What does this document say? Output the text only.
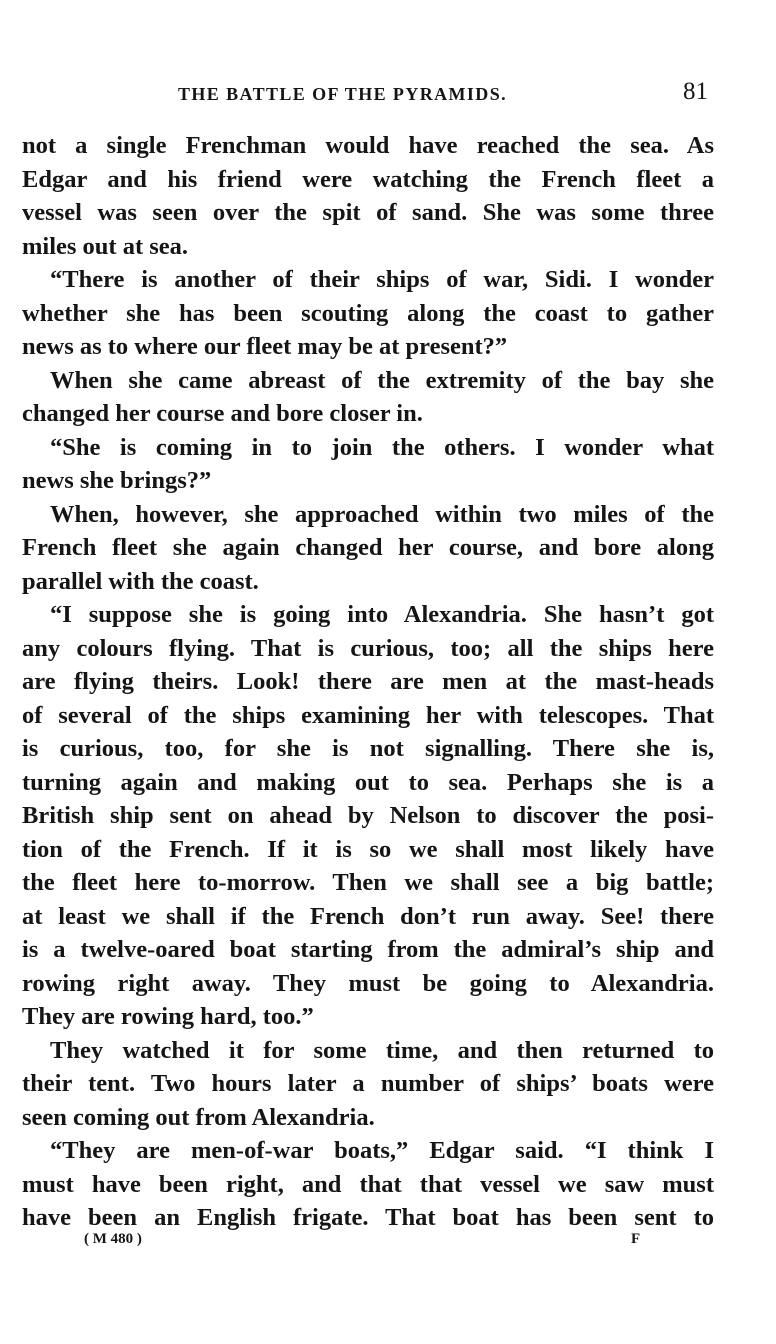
THE BATTLE OF THE PYRAMIDS.	81
not a single Frenchman would have reached the sea. As
Edgar and his friend were watching the French fleet a
vessel was seen over the spit of sand. She was some three
miles out at sea.
“There is another of their ships of war, Sidi. I wonder
whether she has been scouting along the coast to gather
news as to where our fleet may be at present?”
When she came abreast of the extremity of the bay she
changed her course and bore closer in.
“She is coming in to join the others. I wonder what
news she brings?”
When, however, she approached within two miles of the
French fleet she again changed her course, and bore along
parallel with the coast.
“I suppose she is going into Alexandria. She hasn’t got
any colours flying. That is curious, too; all the ships here
are flying theirs. Look! there are men at the mast-heads
of several of the ships examining her with telescopes. That
is curious, too, for she is not signalling. There she is,
turning again and making out to sea. Perhaps she is a
British ship sent on ahead by Nelson to discover the posi-
tion of the French. If it is so we shall most likely have
the fleet here to-morrow. Then we shall see a big battle;
at least we shall if the French don’t run away. See! there
is a twelve-oared boat starting from the admiral’s ship and
rowing right away. They must be going to Alexandria.
They are rowing hard, too.”
They watched it for some time, and then returned to
their tent. Two hours later a number of ships’ boats were
seen coming out from Alexandria.
“They are men-of-war boats,” Edgar said. “I think I
must have been right, and that that vessel we saw must
have been an English frigate. That boat has been sent to
( M 480 )	F
